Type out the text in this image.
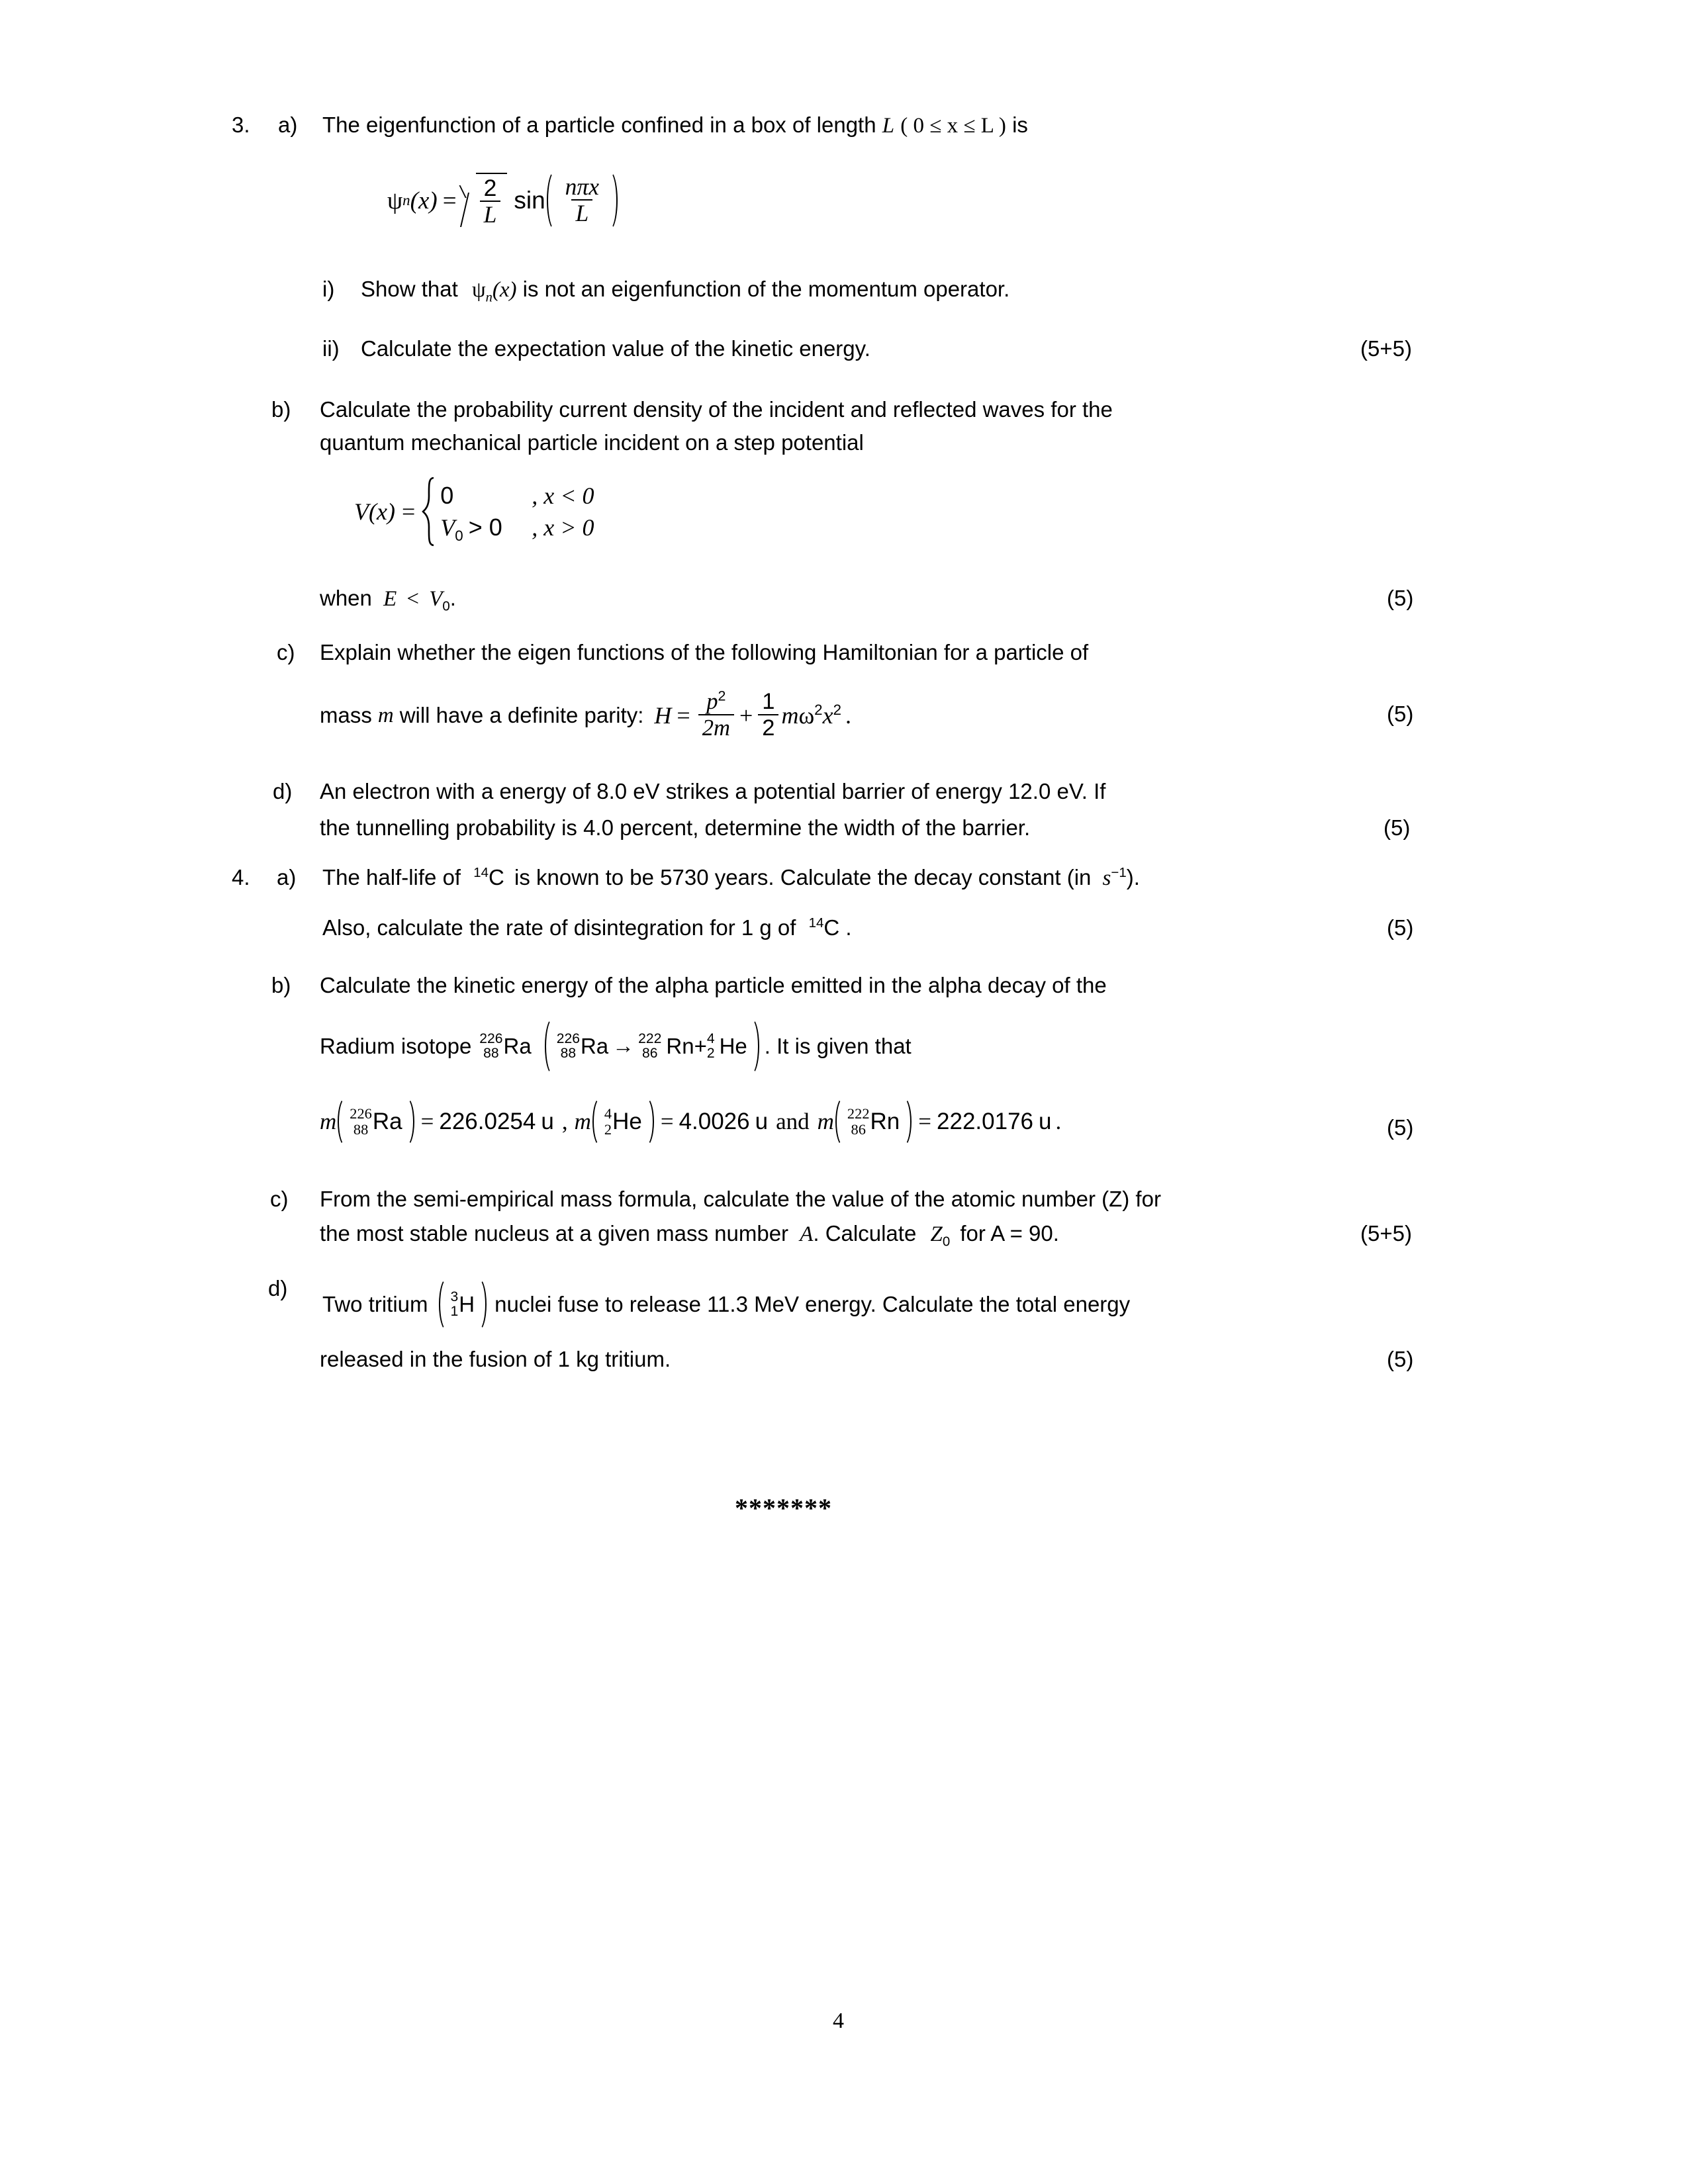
3. a) The eigenfunction of a particle confined in a box of length L ( 0 ≤ x ≤ L ) is
ψ n $(x) = \frac{2}{L}$ $\sin \frac{\text{nπx}}{L}$
i) Show that $\psi_n(x)$ is not an eigenfunction of the momentum operator.
ii) Calculate the expectation value of the kinetic energy.	(5+5)
b) Calculate the probability current density of the incident and reflected waves for the
quantum mechanical particle incident on a step potential
V(x) =
0	, x < 0
$V_0 > 0$	, x > 0
when $E < V_0$.	(5)
c) Explain whether the eigen functions of the following Hamiltonian for a particle of
mass m will have a definite parity: $H = \frac{p^2}{2m} + \frac{1}{2} m\omega^2x^2$ .	(5)
d) An electron with a energy of 8.0 eV strikes a potential barrier of energy 12.0 eV. If
the tunnelling probability is 4.0 percent, determine the width of the barrier.	(5)
4. a) The half-life of $^{14}$C is known to be 5730 years. Calculate the decay constant (in $s^{-1}$).
Also, calculate the rate of disintegration for 1 g of $^{14}$C .	(5)
b) Calculate the kinetic energy of the alpha particle emitted in the alpha decay of the
Radium isotope 226
88 Ra 226
88 Ra → 222
86 Rn + 4
2 He . It is given that
m 226
88 Ra = 226.0254 u , m 4
2 He = 4.0026 u and m 222
86 Rn = 222.0176 u .	(5)
c) From the semi-empirical mass formula, calculate the value of the atomic number (Z) for
the most stable nucleus at a given mass number A. Calculate $Z_0$ for A = 90.	(5+5)
d)
Two tritium 3
1 H nuclei fuse to release 11.3 MeV energy. Calculate the total energy
released in the fusion of 1 kg tritium.	(5)
*******
4
